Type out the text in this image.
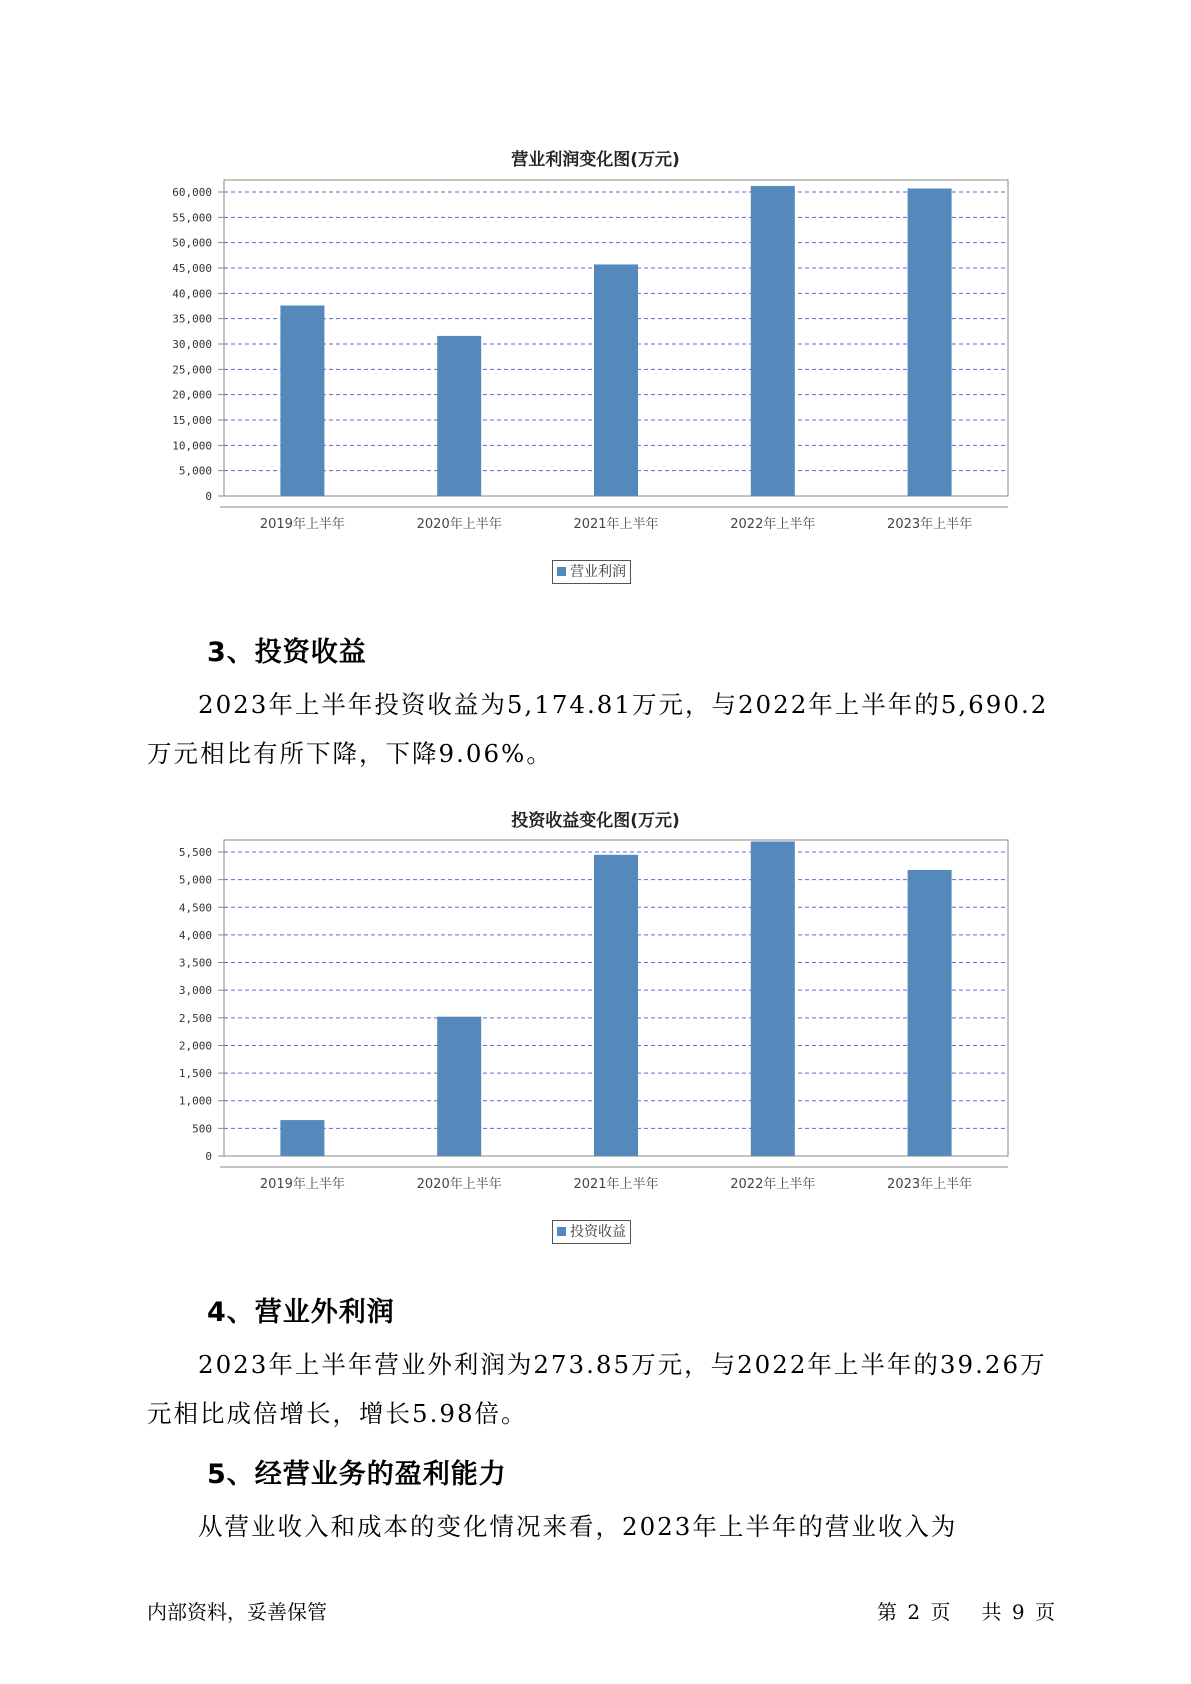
营业利润变化图(万元)
0
5,000
10,000
15,000
20,000
25,000
30,000
35,000
40,000
45,000
50,000
55,000
60,000
2019年上半年	2020年上半年	2021年上半年	2022年上半年	2023年上半年
营业利润
3、投资收益
2023年上半年投资收益为5,174.81万元，与2022年上半年的5,690.2万元相比有所下降，下降9.06%。
投资收益变化图(万元)
0
500
1,000
1,500
2,000
2,500
3,000
3,500
4,000
4,500
5,000
5,500
2019年上半年	2020年上半年	2021年上半年	2022年上半年	2023年上半年
投资收益
4、营业外利润
2023年上半年营业外利润为273.85万元，与2022年上半年的39.26万元相比成倍增长，增长5.98倍。
5、经营业务的盈利能力
从营业收入和成本的变化情况来看，2023年上半年的营业收入为
内部资料，妥善保管	第 2 页   共 9 页
